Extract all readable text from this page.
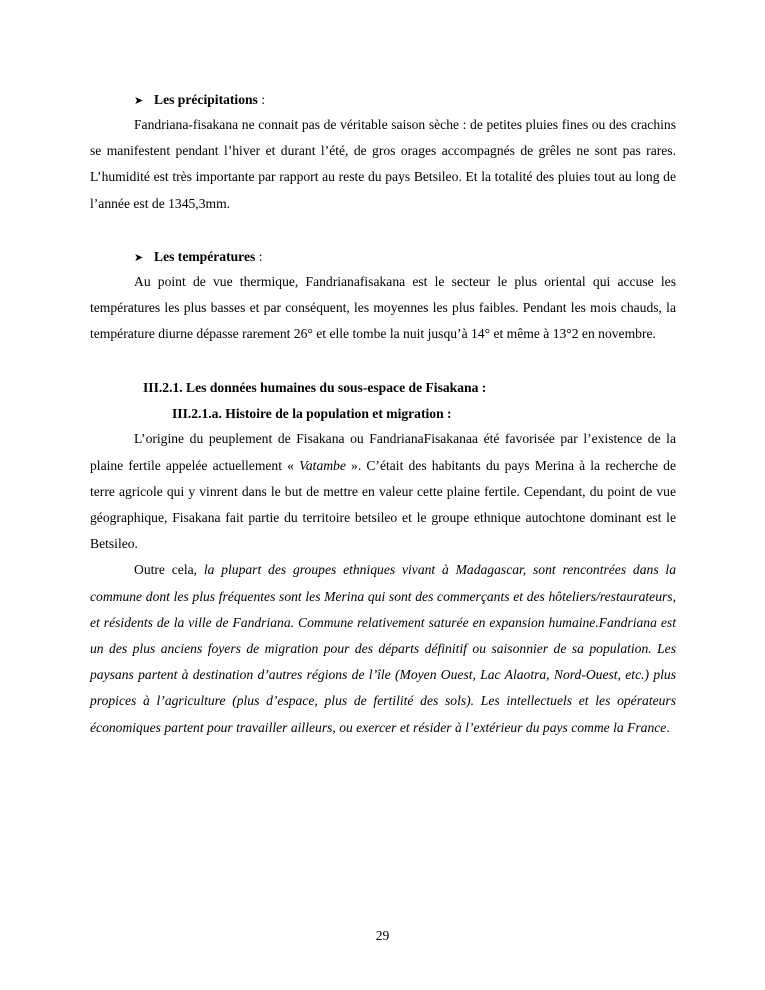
➤ Les précipitations :

Fandriana-fisakana ne connait pas de véritable saison sèche : de petites pluies fines ou des crachins se manifestent pendant l’hiver et durant l’été, de gros orages accompagnés de grêles ne sont pas rares. L’humidité est très importante par rapport au reste du pays Betsileo. Et la totalité des pluies tout au long de l’année est de 1345,3mm.

➤ Les températures :

Au point de vue thermique, Fandrianafisakana est le secteur le plus oriental qui accuse les températures les plus basses et par conséquent, les moyennes les plus faibles. Pendant les mois chauds, la température diurne dépasse rarement 26° et elle tombe la nuit jusqu’à 14° et même à 13°2 en novembre.

III.2.1. Les données humaines du sous-espace de Fisakana :
III.2.1.a. Histoire de la population et migration :

L’origine du peuplement de Fisakana ou FandrianaFisakanaa été favorisée par l’existence de la plaine fertile appelée actuellement « Vatambe ». C’était des habitants du pays Merina à la recherche de terre agricole qui y vinrent dans le but de mettre en valeur cette plaine fertile. Cependant, du point de vue géographique, Fisakana fait partie du territoire betsileo et le groupe ethnique autochtone dominant est le Betsileo.

Outre cela, la plupart des groupes ethniques vivant à Madagascar, sont rencontrées dans la commune dont les plus fréquentes sont les Merina qui sont des commerçants et des hôteliers/restaurateurs, et résidents de la ville de Fandriana. Commune relativement saturée en expansion humaine.Fandriana est un des plus anciens foyers de migration pour des départs définitif ou saisonnier de sa population. Les paysans partent à destination d’autres régions de l’île (Moyen Ouest, Lac Alaotra, Nord-Ouest, etc.) plus propices à l’agriculture (plus d’espace, plus de fertilité des sols). Les intellectuels et les opérateurs économiques partent pour travailler ailleurs, ou exercer et résider à l’extérieur du pays comme la France.

29
